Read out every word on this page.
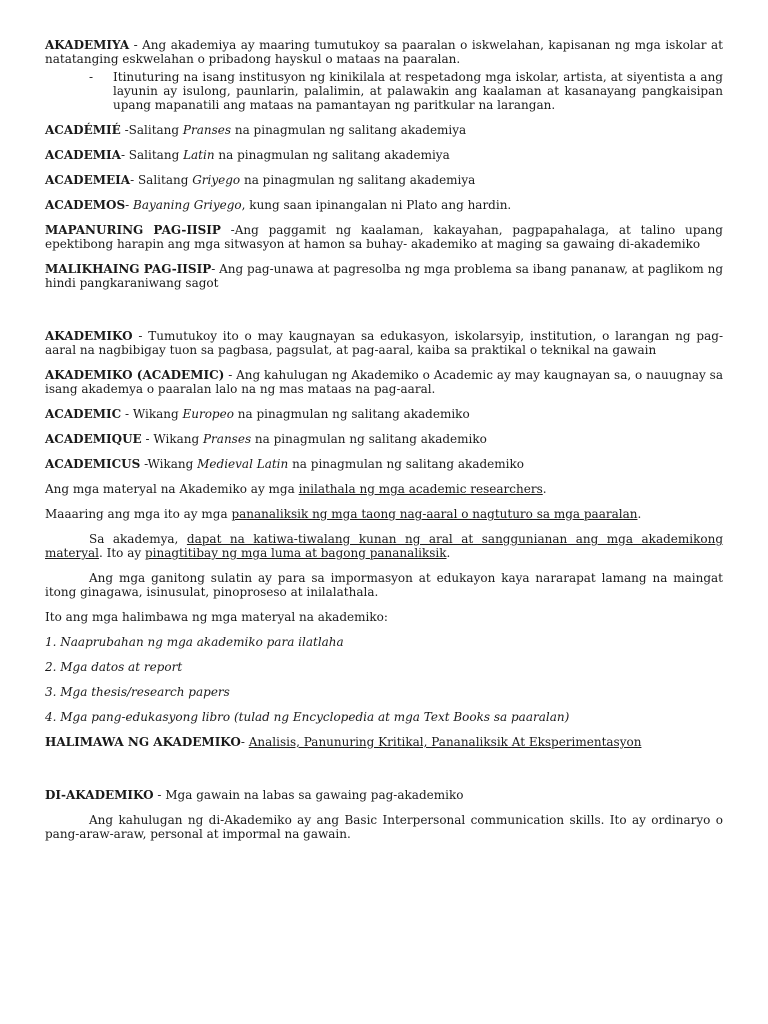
AKADEMIYA - Ang akademiya ay maaring tumutukoy sa paaralan o iskwelahan, kapisanan ng mga iskolar at natatanging eskwelahan o pribadong hayskul o mataas na paaralan.

-	Itinuturing na isang institusyon ng kinikilala at respetadong mga iskolar, artista, at siyentista a ang layunin ay isulong, paunlarin, palalimin, at palawakin ang kaalaman at kasanayang pangkaisipan upang mapanatili ang mataas na pamantayan ng paritkular na larangan.

ACADÉMIÉ -Salitang Pranses na pinagmulan ng salitang akademiya

ACADEMIA- Salitang Latin na pinagmulan ng salitang akademiya

ACADEMEIA- Salitang Griyego na pinagmulan ng salitang akademiya

ACADEMOS- Bayaning Griyego, kung saan ipinangalan ni Plato ang hardin.

MAPANURING PAG-IISIP -Ang paggamit ng kaalaman, kakayahan, pagpapahalaga, at talino upang epektibong harapin ang mga sitwasyon at hamon sa buhay- akademiko at maging sa gawaing di-akademiko

MALIKHAING PAG-IISIP- Ang pag-unawa at pagresolba ng mga problema sa ibang pananaw, at paglikom ng hindi pangkaraniwang sagot

AKADEMIKO - Tumutukoy ito o may kaugnayan sa edukasyon, iskolarsyip, institution, o larangan ng pag-aaral na nagbibigay tuon sa pagbasa, pagsulat, at pag-aaral, kaiba sa praktikal o teknikal na gawain

AKADEMIKO (ACADEMIC) - Ang kahulugan ng Akademiko o Academic ay may kaugnayan sa, o nauugnay sa isang akademya o paaralan lalo na ng mas mataas na pag-aaral.

ACADEMIC - Wikang Europeo na pinagmulan ng salitang akademiko

ACADEMIQUE - Wikang Pranses na pinagmulan ng salitang akademiko

ACADEMICUS -Wikang Medieval Latin na pinagmulan ng salitang akademiko

Ang mga materyal na Akademiko ay mga inilathala ng mga academic researchers.

Maaaring ang mga ito ay mga pananaliksik ng mga taong nag-aaral o nagtuturo sa mga paaralan.

Sa akademya, dapat na katiwa-tiwalang kunan ng aral at sanggunianan ang mga akademikong materyal. Ito ay pinagtitibay ng mga luma at bagong pananaliksik.

Ang mga ganitong sulatin ay para sa impormasyon at edukayon kaya nararapat lamang na maingat itong ginagawa, isinusulat, pinoproseso at inilalathala.

Ito ang mga halimbawa ng mga materyal na akademiko:

1. Naaprubahan ng mga akademiko para ilatlaha

2. Mga datos at report

3. Mga thesis/research papers

4. Mga pang-edukasyong libro (tulad ng Encyclopedia at mga Text Books sa paaralan)

HALIMAWA NG AKADEMIKO- Analisis, Panunuring Kritikal, Pananaliksik At Eksperimentasyon

DI-AKADEMIKO - Mga gawain na labas sa gawaing pag-akademiko

Ang kahulugan ng di-Akademiko ay ang Basic Interpersonal communication skills. Ito ay ordinaryo o pang-araw-araw, personal at impormal na gawain.
